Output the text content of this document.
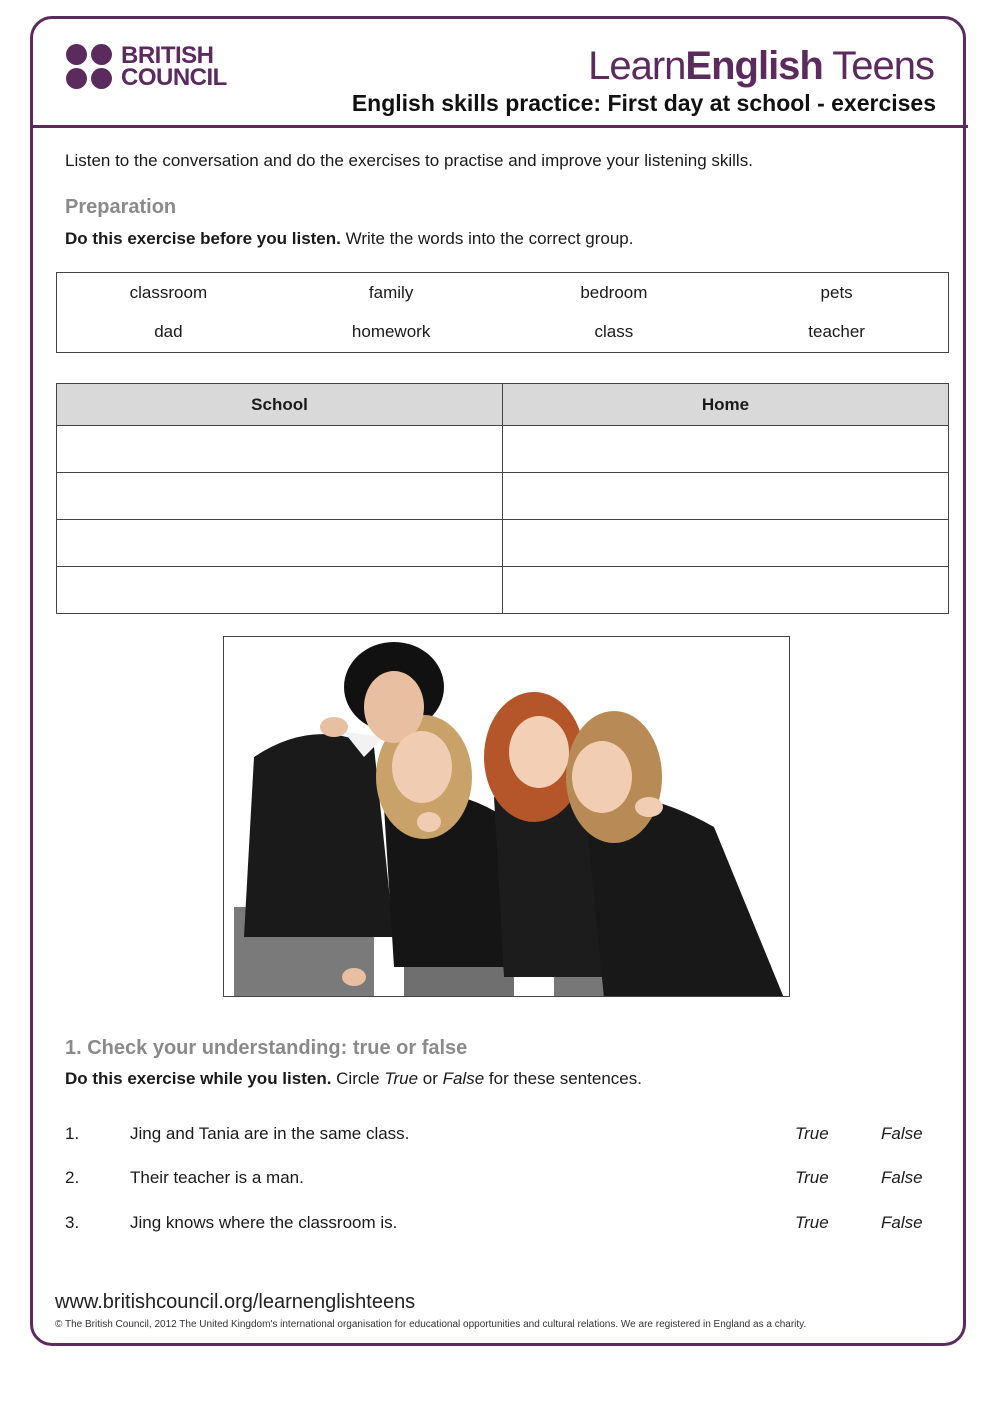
BRITISH
COUNCIL	LearnEnglish Teens
English skills practice: First day at school - exercises
Listen to the conversation and do the exercises to practise and improve your listening skills.
Preparation
Do this exercise before you listen. Write the words into the correct group.
classroom	family	bedroom	pets
dad	homework	class	teacher
School	Home

1. Check your understanding: true or false
Do this exercise while you listen. Circle True or False for these sentences.
1.	Jing and Tania are in the same class.	True	False
2.	Their teacher is a man.	True	False
3.	Jing knows where the classroom is.	True	False
www.britishcouncil.org/learnenglishteens
© The British Council, 2012 The United Kingdom's international organisation for educational opportunities and cultural relations. We are registered in England as a charity.
